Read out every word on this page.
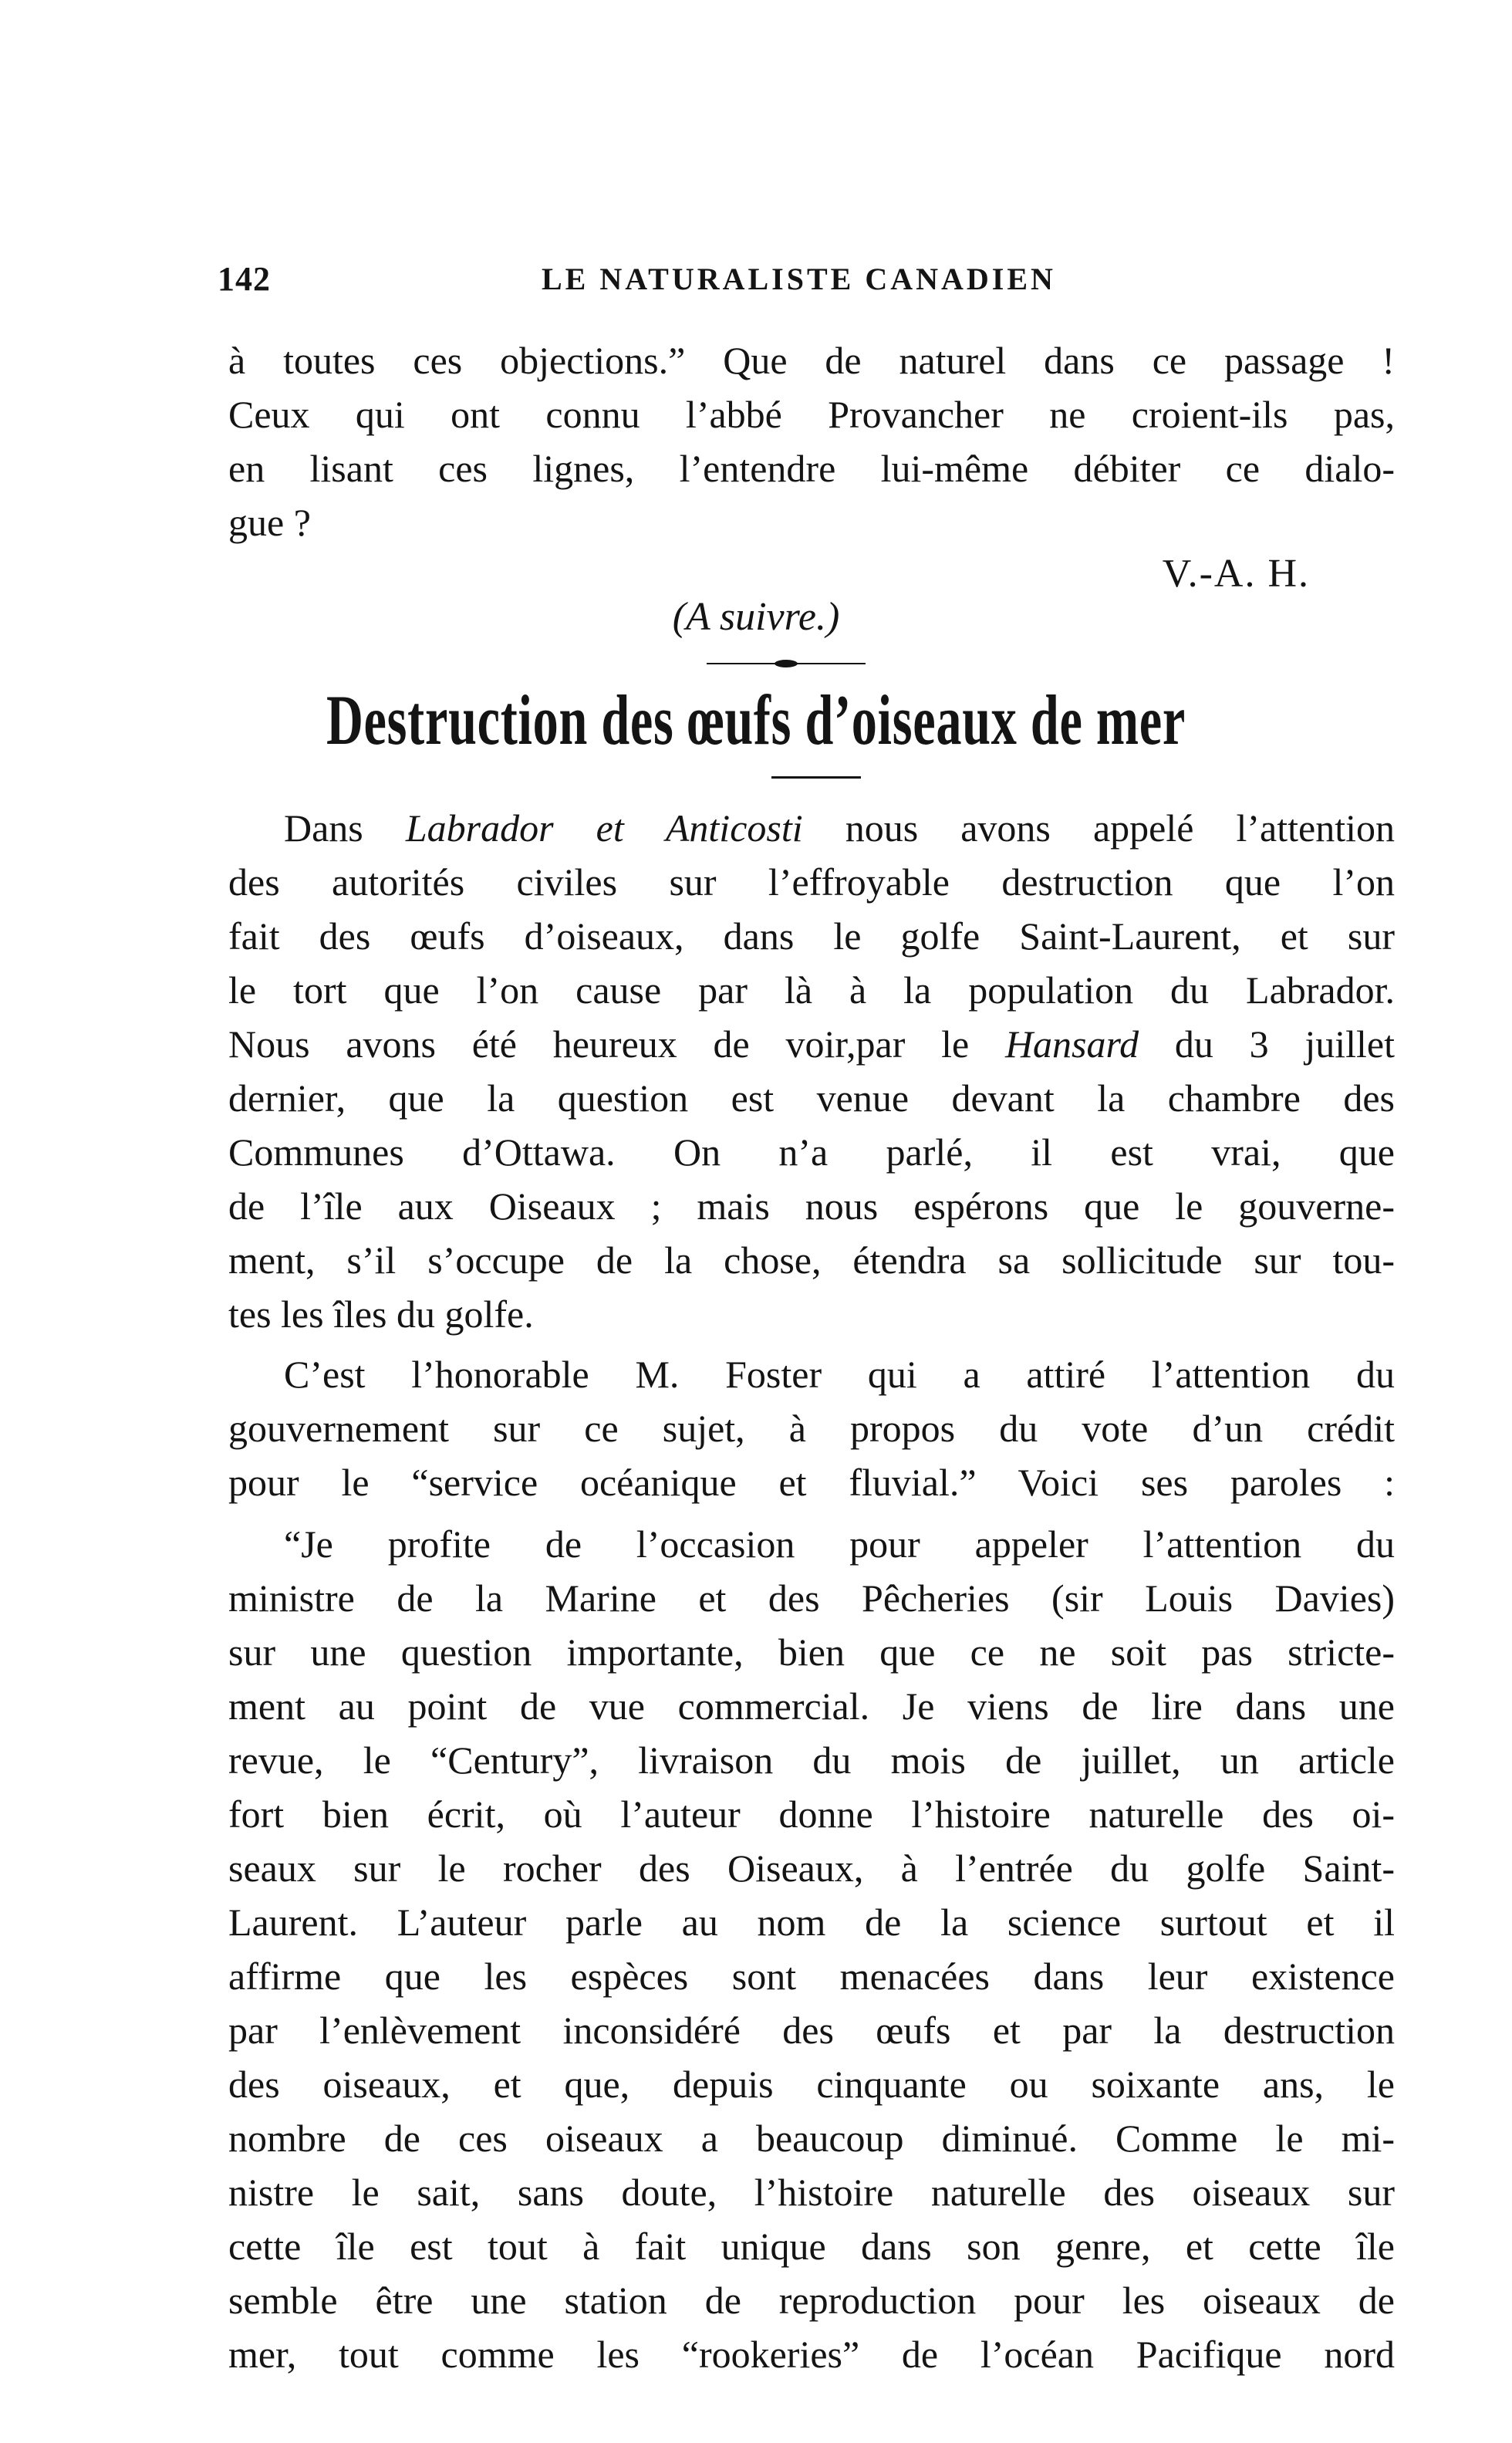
142	LE NATURALISTE CANADIEN
à toutes ces objections.” Que de naturel dans ce passage !
Ceux qui ont connu l’abbé Provancher ne croient-ils pas,
en lisant ces lignes, l’entendre lui-même débiter ce dialo-
gue ?
V.-A. H.
(A suivre.)
Destruction des œufs d’oiseaux de mer
Dans Labrador et Anticosti nous avons appelé l’attention
des autorités civiles sur l’effroyable destruction que l’on
fait des œufs d’oiseaux, dans le golfe Saint-Laurent, et sur
le tort que l’on cause par là à la population du Labrador.
Nous avons été heureux de voir,par le Hansard du 3 juillet
dernier, que la question est venue devant la chambre des
Communes d’Ottawa. On n’a parlé, il est vrai, que
de l’île aux Oiseaux ; mais nous espérons que le gouverne-
ment, s’il s’occupe de la chose, étendra sa sollicitude sur tou-
tes les îles du golfe.
C’est l’honorable M. Foster qui a attiré l’attention du
gouvernement sur ce sujet, à propos du vote d’un crédit
pour le “service océanique et fluvial.” Voici ses paroles :
“Je profite de l’occasion pour appeler l’attention du
ministre de la Marine et des Pêcheries (sir Louis Davies)
sur une question importante, bien que ce ne soit pas stricte-
ment au point de vue commercial. Je viens de lire dans une
revue, le “Century”, livraison du mois de juillet, un article
fort bien écrit, où l’auteur donne l’histoire naturelle des oi-
seaux sur le rocher des Oiseaux, à l’entrée du golfe Saint-
Laurent. L’auteur parle au nom de la science surtout et il
affirme que les espèces sont menacées dans leur existence
par l’enlèvement inconsidéré des œufs et par la destruction
des oiseaux, et que, depuis cinquante ou soixante ans, le
nombre de ces oiseaux a beaucoup diminué. Comme le mi-
nistre le sait, sans doute, l’histoire naturelle des oiseaux sur
cette île est tout à fait unique dans son genre, et cette île
semble être une station de reproduction pour les oiseaux de
mer, tout comme les “rookeries” de l’océan Pacifique nord
